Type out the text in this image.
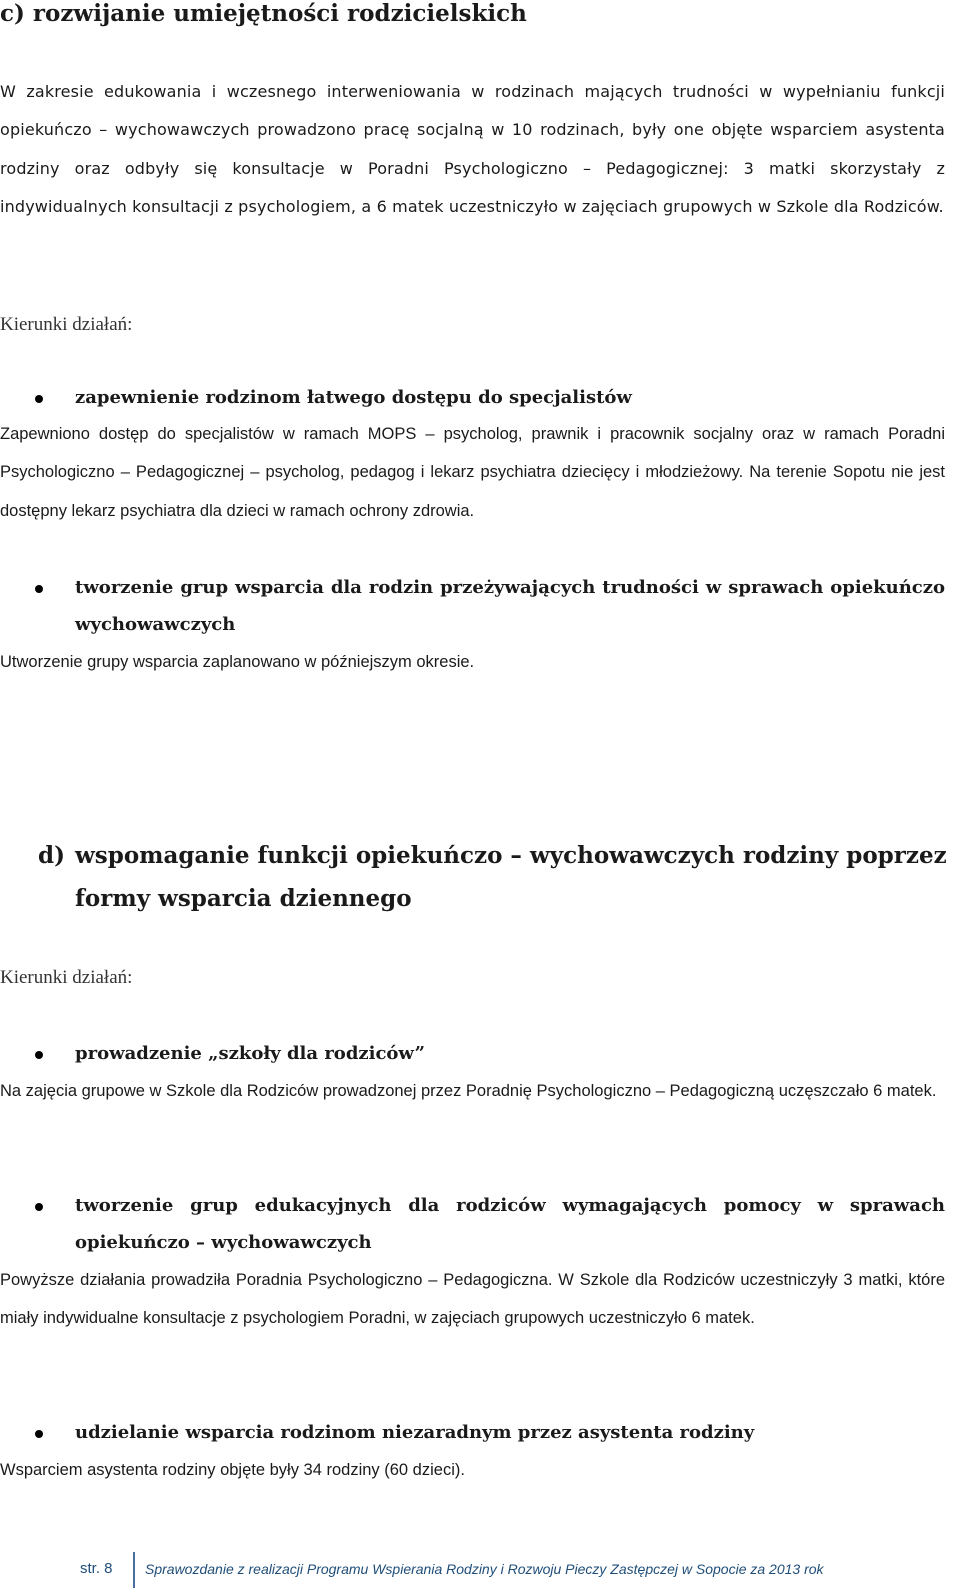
c) rozwijanie umiejętności rodzicielskich

W zakresie edukowania i wczesnego interweniowania w rodzinach mających trudności w wypełnianiu funkcji opiekuńczo – wychowawczych prowadzono pracę socjalną w 10 rodzinach, były one objęte wsparciem asystenta rodziny oraz odbyły się konsultacje w Poradni Psychologiczno – Pedagogicznej: 3 matki skorzystały z indywidualnych konsultacji z psychologiem, a 6 matek uczestniczyło w zajęciach grupowych w Szkole dla Rodziców.

Kierunki działań:

zapewnienie rodzinom łatwego dostępu do specjalistów

Zapewniono dostęp do specjalistów w ramach MOPS – psycholog, prawnik i pracownik socjalny oraz w ramach Poradni Psychologiczno – Pedagogicznej – psycholog, pedagog i lekarz psychiatra dziecięcy i młodzieżowy. Na terenie Sopotu nie jest dostępny lekarz psychiatra dla dzieci w ramach ochrony zdrowia.

tworzenie grup wsparcia dla rodzin przeżywających trudności w sprawach opiekuńczo wychowawczych

Utworzenie grupy wsparcia zaplanowano w późniejszym okresie.

d) wspomaganie funkcji opiekuńczo – wychowawczych rodziny poprzez formy wsparcia dziennego

Kierunki działań:

prowadzenie „szkoły dla rodziców”

Na zajęcia grupowe w Szkole dla Rodziców prowadzonej przez Poradnię Psychologiczno – Pedagogiczną uczęszczało 6 matek.

tworzenie grup edukacyjnych dla rodziców wymagających pomocy w sprawach opiekuńczo – wychowawczych

Powyższe działania prowadziła Poradnia Psychologiczno – Pedagogiczna. W Szkole dla Rodziców uczestniczyły 3 matki, które miały indywidualne konsultacje z psychologiem Poradni, w zajęciach grupowych uczestniczyło 6 matek.

udzielanie wsparcia rodzinom niezaradnym przez asystenta rodziny

Wsparciem asystenta rodziny objęte były 34 rodziny (60 dzieci).

str. 8 Sprawozdanie z realizacji Programu Wspierania Rodziny i Rozwoju Pieczy Zastępczej w Sopocie za 2013 rok
